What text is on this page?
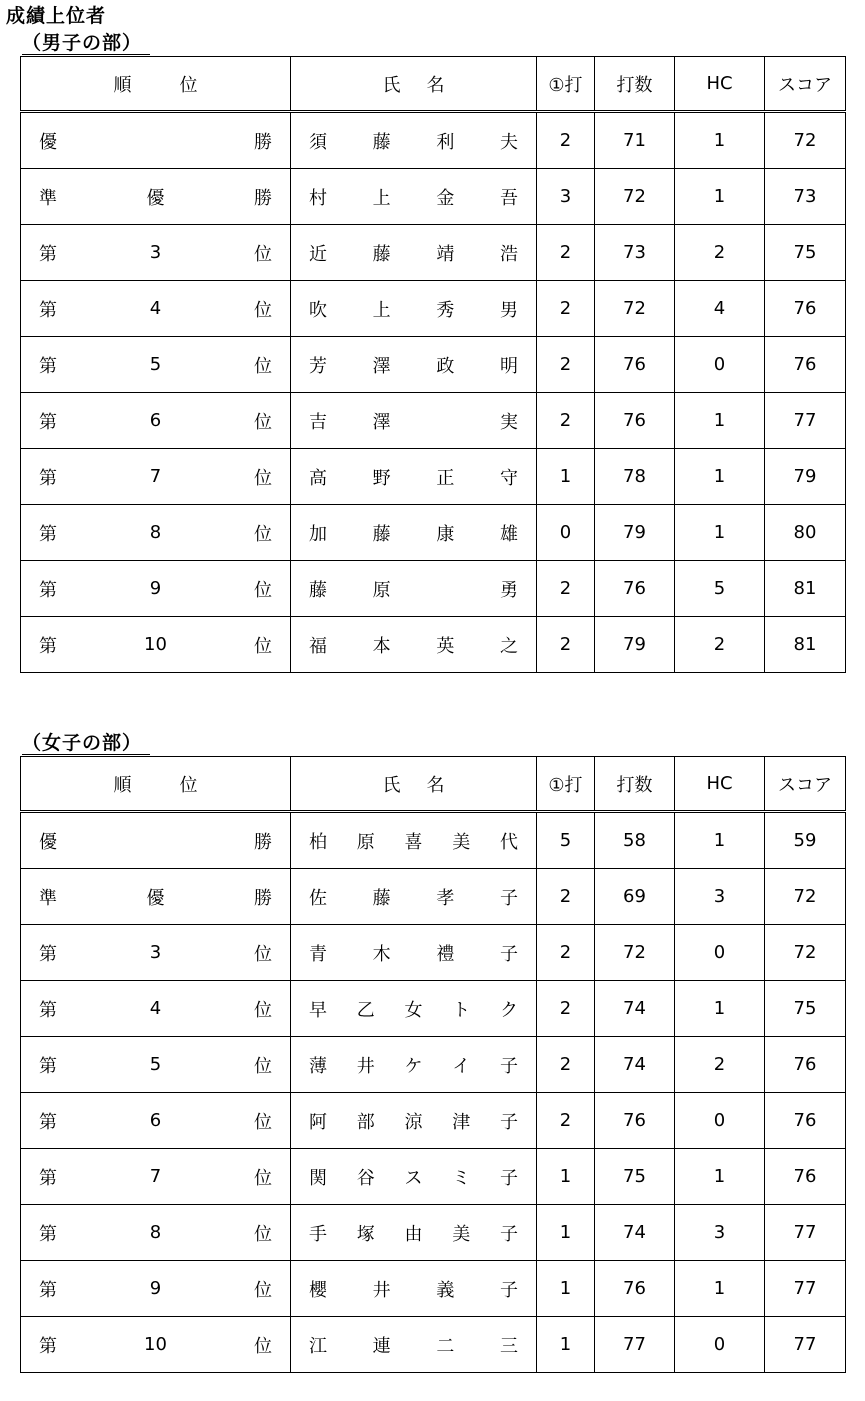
成績上位者
（男子の部）
順 位	氏 名	①打	打数	HC	スコア

優 勝	須 藤 利 夫	2	71	1	72

準 優 勝	村 上 金 吾	3	72	1	73

第 3 位	近 藤 靖 浩	2	73	2	75

第 4 位	吹 上 秀 男	2	72	4	76

第 5 位	芳 澤 政 明	2	76	0	76

第 6 位	吉 澤 実	2	76	1	77

第 7 位	高 野 正 守	1	78	1	79

第 8 位	加 藤 康 雄	0	79	1	80

第 9 位	藤 原 勇	2	76	5	81

第 10 位	福 本 英 之	2	79	2	81
（女子の部）
順 位	氏 名	①打	打数	HC	スコア

優 勝	柏 原 喜 美 代	5	58	1	59

準 優 勝	佐 藤 孝 子	2	69	3	72

第 3 位	青 木 禮 子	2	72	0	72

第 4 位	早 乙 女 ト ク	2	74	1	75

第 5 位	薄 井 ケ イ 子	2	74	2	76

第 6 位	阿 部 涼 津 子	2	76	0	76

第 7 位	関 谷 ス ミ 子	1	75	1	76

第 8 位	手 塚 由 美 子	1	74	3	77

第 9 位	櫻 井 義 子	1	76	1	77

第 10 位	江 連 二 三	1	77	0	77
